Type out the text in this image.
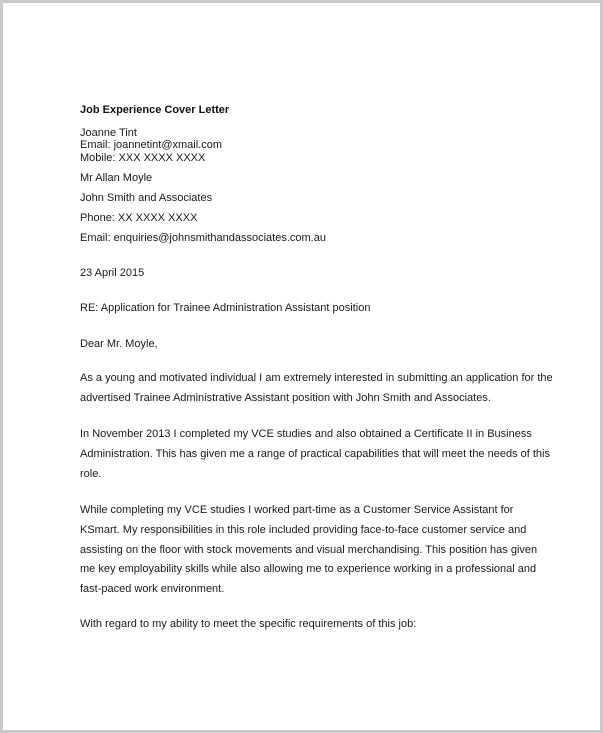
Job Experience Cover Letter
Joanne Tint
Email: joannetint@xmail.com
Mobile: XXX XXXX XXXX
Mr Allan Moyle
John Smith and Associates
Phone: XX XXXX XXXX
Email: enquiries@johnsmithandassociates.com.au
23 April 2015
RE: Application for Trainee Administration Assistant position
Dear Mr. Moyle,
As a young and motivated individual I am extremely interested in submitting an application for the
advertised Trainee Administrative Assistant position with John Smith and Associates.
In November 2013 I completed my VCE studies and also obtained a Certificate II in Business
Administration. This has given me a range of practical capabilities that will meet the needs of this
role.
While completing my VCE studies I worked part-time as a Customer Service Assistant for
KSmart. My responsibilities in this role included providing face-to-face customer service and
assisting on the floor with stock movements and visual merchandising. This position has given
me key employability skills while also allowing me to experience working in a professional and
fast-paced work environment.
With regard to my ability to meet the specific requirements of this job:
